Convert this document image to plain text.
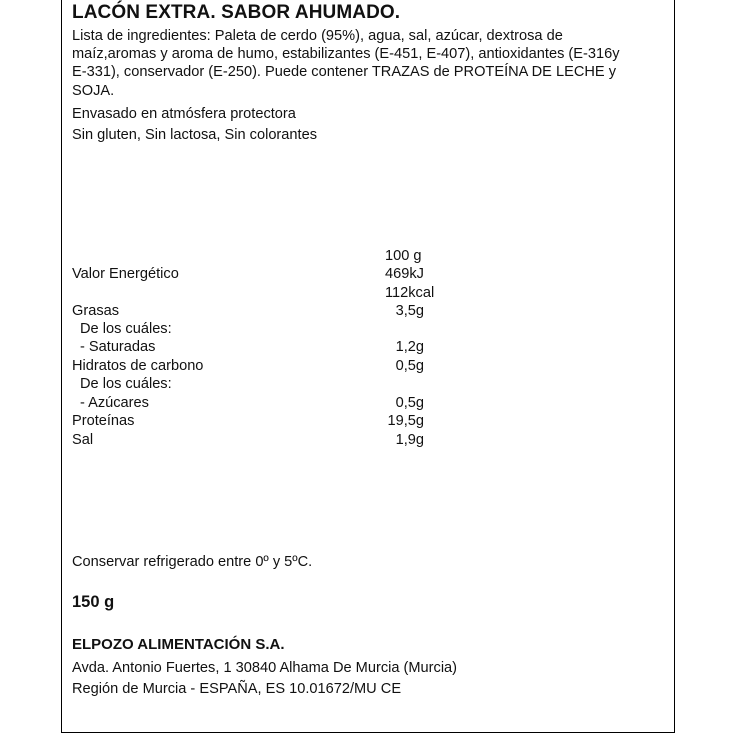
LACÓN EXTRA. SABOR AHUMADO.
Lista de ingredientes: Paleta de cerdo (95%), agua, sal, azúcar, dextrosa de maíz,aromas y aroma de humo, estabilizantes (E-451, E-407), antioxidantes (E-316y E-331), conservador (E-250). Puede contener TRAZAS de PROTEÍNA DE LECHE y SOJA.
Envasado en atmósfera protectora
Sin gluten, Sin lactosa, Sin colorantes
100 g
Valor Energético	469kJ
112kcal
Grasas	3,5g
De los cuáles:
- Saturadas	1,2g
Hidratos de carbono	0,5g
De los cuáles:
- Azúcares	0,5g
Proteínas	19,5g
Sal	1,9g
Conservar refrigerado entre 0º y 5ºC.
150 g
ELPOZO ALIMENTACIÓN S.A.
Avda. Antonio Fuertes, 1 30840 Alhama De Murcia (Murcia)
Región de Murcia - ESPAÑA, ES 10.01672/MU CE
